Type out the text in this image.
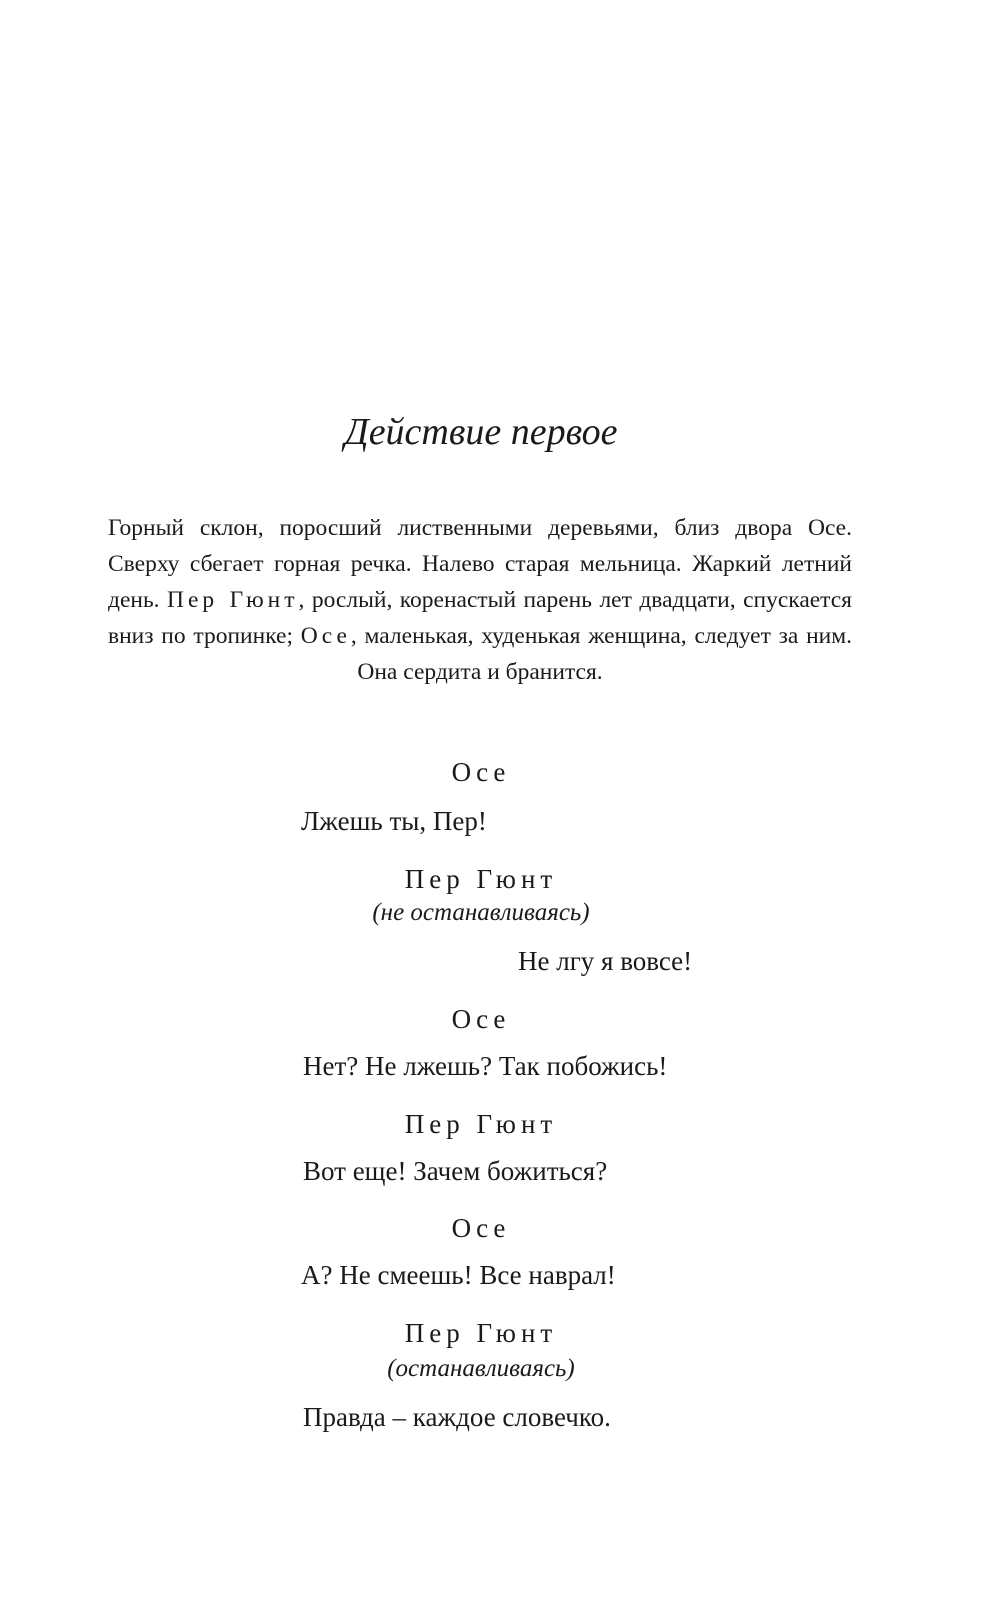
Действие первое

Горный склон, поросший лиственными деревьями, близ двора Осе. Сверху сбегает горная речка. Налево старая мельница. Жаркий летний день. Пер Гюнт, рослый, коренастый парень лет двадцати, спускается вниз по тропинке; Осе, маленькая, худенькая женщина, следует за ним. Она сердита и бранится.

Осе

Лжешь ты, Пер!

Пер Гюнт

(не останавливаясь)

Не лгу я вовсе!

Осе

Нет? Не лжешь? Так побожись!

Пер Гюнт

Вот еще! Зачем божиться?

Осе

А? Не смеешь! Все наврал!

Пер Гюнт

(останавливаясь)

Правда – каждое словечко.
